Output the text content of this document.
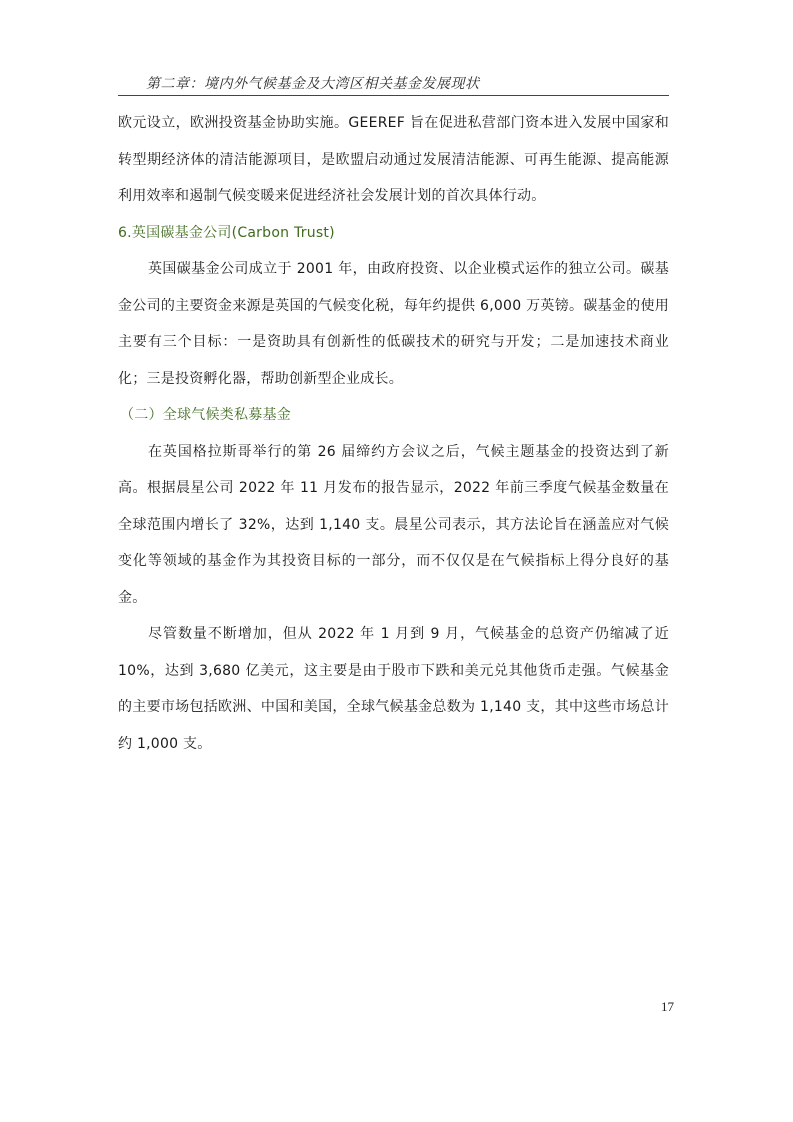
第二章：境内外气候基金及大湾区相关基金发展现状

欧元设立，欧洲投资基金协助实施。GEEREF 旨在促进私营部门资本进入发展中国家和转型期经济体的清洁能源项目，是欧盟启动通过发展清洁能源、可再生能源、提高能源利用效率和遏制气候变暖来促进经济社会发展计划的首次具体行动。

6.英国碳基金公司(Carbon Trust)

英国碳基金公司成立于 2001 年，由政府投资、以企业模式运作的独立公司。碳基金公司的主要资金来源是英国的气候变化税，每年约提供 6,000 万英镑。碳基金的使用主要有三个目标：一是资助具有创新性的低碳技术的研究与开发；二是加速技术商业化；三是投资孵化器，帮助创新型企业成长。

（二）全球气候类私募基金

在英国格拉斯哥举行的第 26 届缔约方会议之后，气候主题基金的投资达到了新高。根据晨星公司 2022 年 11 月发布的报告显示，2022 年前三季度气候基金数量在全球范围内增长了 32%，达到 1,140 支。晨星公司表示，其方法论旨在涵盖应对气候变化等领域的基金作为其投资目标的一部分，而不仅仅是在气候指标上得分良好的基金。

尽管数量不断增加，但从 2022 年 1 月到 9 月，气候基金的总资产仍缩减了近 10%，达到 3,680 亿美元，这主要是由于股市下跌和美元兑其他货币走强。气候基金的主要市场包括欧洲、中国和美国，全球气候基金总数为 1,140 支，其中这些市场总计约 1,000 支。

17
